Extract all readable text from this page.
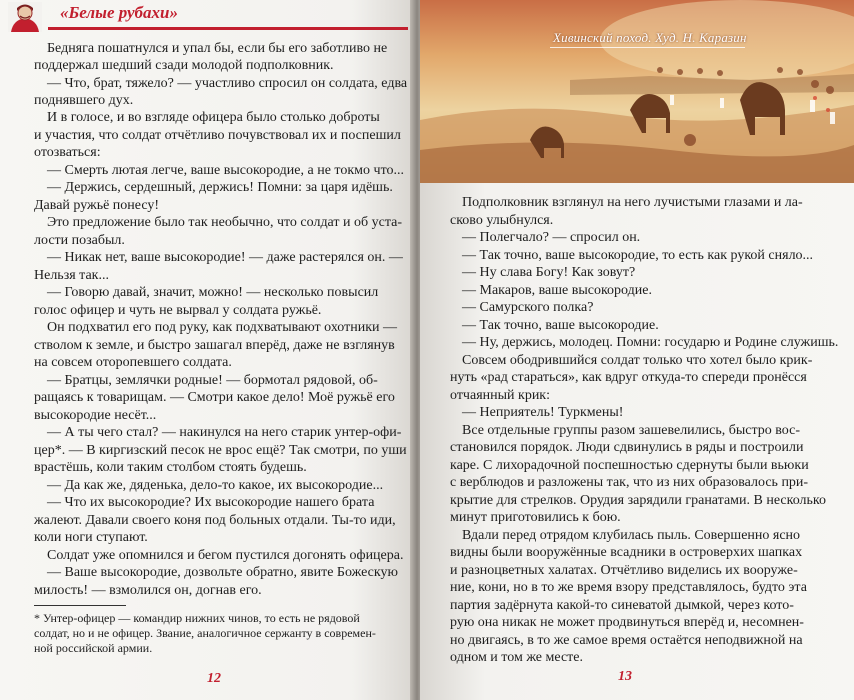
«Белые рубахи»
Бедняга пошатнулся и упал бы, если бы его заботливо не
поддержал шедший сзади молодой подполковник.
— Что, брат, тяжело? — участливо спросил он солдата, едва
поднявшего дух.
И в голосе, и во взгляде офицера было столько доброты
и участия, что солдат отчётливо почувствовал их и поспешил
отозваться:
— Смерть лютая легче, ваше высокородие, а не токмо что...
— Держись, сердешный, держись! Помни: за царя идёшь.
Давай ружьё понесу!
Это предложение было так необычно, что солдат и об уста-
лости позабыл.
— Никак нет, ваше высокородие! — даже растерялся он. —
Нельзя так...
— Говорю давай, значит, можно! — несколько повысил
голос офицер и чуть не вырвал у солдата ружьё.
Он подхватил его под руку, как подхватывают охотники —
стволом к земле, и быстро зашагал вперёд, даже не взглянув
на совсем оторопевшего солдата.
— Братцы, землячки родные! — бормотал рядовой, об-
ращаясь к товарищам. — Смотри какое дело! Моё ружьё его
высокородие несёт...
— А ты чего стал? — накинулся на него старик унтер-офи-
цер*. — В киргизский песок не врос ещё? Так смотри, по уши
врастёшь, коли таким столбом стоять будешь.
— Да как же, дяденька, дело-то какое, их высокородие...
— Что их высокородие? Их высокородие нашего брата
жалеют. Давали своего коня под больных отдали. Ты-то иди,
коли ноги ступают.
Солдат уже опомнился и бегом пустился догонять офицера.
— Ваше высокородие, дозвольте обратно, явите Божескую
милость! — взмолился он, догнав его.
* Унтер-офицер — командир нижних чинов, то есть не рядовой
солдат, но и не офицер. Звание, аналогичное сержанту в современ-
ной российской армии.
12
Хивинский поход. Худ. Н. Каразин
Подполковник взглянул на него лучистыми глазами и ла-
сково улыбнулся.
— Полегчало? — спросил он.
— Так точно, ваше высокородие, то есть как рукой сняло...
— Ну слава Богу! Как зовут?
— Макаров, ваше высокородие.
— Самурского полка?
— Так точно, ваше высокородие.
— Ну, держись, молодец. Помни: государю и Родине служишь.
Совсем ободрившийся солдат только что хотел было крик-
нуть «рад стараться», как вдруг откуда-то спереди пронёсся
отчаянный крик:
— Неприятель! Туркмены!
Все отдельные группы разом зашевелились, быстро вос-
становился порядок. Люди сдвинулись в ряды и построили
каре. С лихорадочной поспешностью сдернуты были вьюки
с верблюдов и разложены так, что из них образовалось при-
крытие для стрелков. Орудия зарядили гранатами. В несколько
минут приготовились к бою.
Вдали перед отрядом клубилась пыль. Совершенно ясно
видны были вооружённые всадники в островерхих шапках
и разноцветных халатах. Отчётливо виделись их вооруже-
ние, кони, но в то же время взору представлялось, будто эта
партия задёрнута какой-то синеватой дымкой, через кото-
рую она никак не может продвинуться вперёд и, несомнен-
но двигаясь, в то же самое время остаётся неподвижной на
одном и том же месте.
13
